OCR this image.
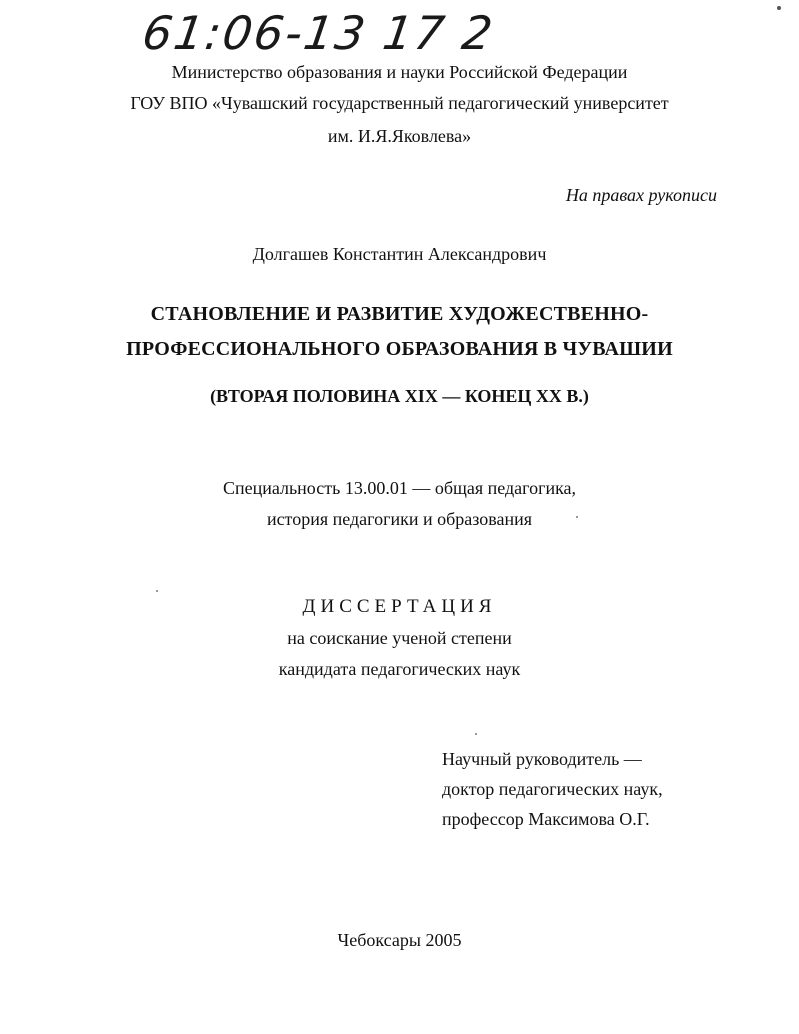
61:06-13 17 2
Министерство образования и науки Российской Федерации
ГОУ ВПО «Чувашский государственный педагогический университет
им. И.Я.Яковлева»
На правах рукописи
Долгашев Константин Александрович
СТАНОВЛЕНИЕ И РАЗВИТИЕ ХУДОЖЕСТВЕННО-
ПРОФЕССИОНАЛЬНОГО ОБРАЗОВАНИЯ В ЧУВАШИИ
(ВТОРАЯ ПОЛОВИНА XIX — КОНЕЦ XX В.)
Специальность 13.00.01 — общая педагогика,
история педагогики и образования
ДИССЕРТАЦИЯ
на соискание ученой степени
кандидата педагогических наук
Научный руководитель —
доктор педагогических наук,
профессор Максимова О.Г.
Чебоксары 2005
